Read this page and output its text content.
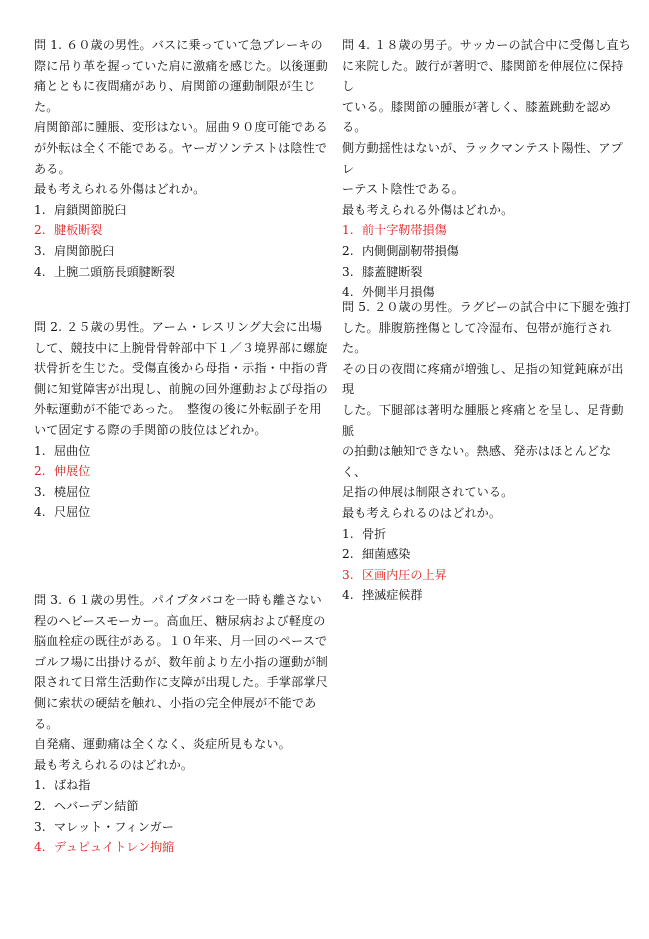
問 1. ６０歳の男性。バスに乗っていて急ブレーキの

際に吊り革を握っていた肩に激痛を感じた。以後運動

痛とともに夜間痛があり、肩関節の運動制限が生じた。

肩関節部に腫脹、変形はない。屈曲９０度可能である

が外転は全く不能である。ヤーガソンテストは陰性で

ある。

最も考えられる外傷はどれか。

1. 肩鎖関節脱臼

2. 腱板断裂

3. 肩関節脱臼

4. 上腕二頭筋長頭腱断裂

問 2. ２５歳の男性。アーム・レスリング大会に出場

して、競技中に上腕骨骨幹部中下１／３境界部に螺旋

状骨折を生じた。受傷直後から母指・示指・中指の背

側に知覚障害が出現し、前腕の回外運動および母指の

外転運動が不能であった。　整復の後に外転副子を用

いて固定する際の手関節の肢位はどれか。

1. 屈曲位

2. 伸展位

3. 橈屈位

4. 尺屈位

問 3. ６１歳の男性。パイプタバコを一時も離さない

程のヘビースモーカー。高血圧、糖尿病および軽度の

脳血栓症の既往がある。１０年来、月一回のペースで

ゴルフ場に出掛けるが、数年前より左小指の運動が制

限されて日常生活動作に支障が出現した。手掌部掌尺

側に索状の硬結を触れ、小指の完全伸展が不能である。

自発痛、運動痛は全くなく、炎症所見もない。

最も考えられるのはどれか。

1. ばね指

2. ヘバーデン結節

3. マレット・フィンガー

4. デュピュイトレン拘縮

問 4. １８歳の男子。サッカーの試合中に受傷し直ち

に来院した。跛行が著明で、膝関節を伸展位に保持し

ている。膝関節の腫脹が著しく、膝蓋跳動を認める。

側方動揺性はないが、ラックマンテスト陽性、アプレ

ーテスト陰性である。

最も考えられる外傷はどれか。

1. 前十字靭帯損傷

2. 内側側副靭帯損傷

3. 膝蓋腱断裂

4. 外側半月損傷

問 5. ２０歳の男性。ラグビーの試合中に下腿を強打

した。腓腹筋挫傷として冷湿布、包帯が施行された。

その日の夜間に疼痛が増強し、足指の知覚鈍麻が出現

した。下腿部は著明な腫脹と疼痛とを呈し、足背動脈

の拍動は触知できない。熱感、発赤はほとんどなく、

足指の伸展は制限されている。

最も考えられるのはどれか。

1. 骨折

2. 細菌感染

3. 区画内圧の上昇

4. 挫滅症候群
